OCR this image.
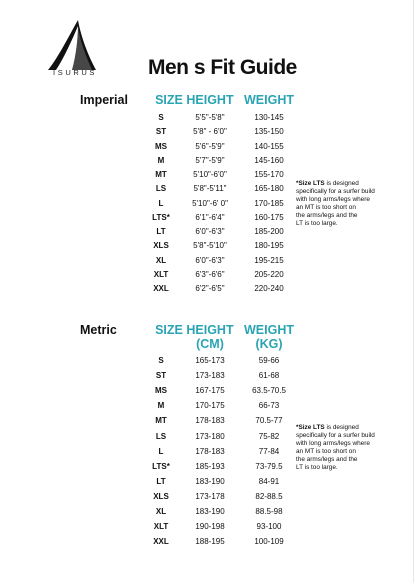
ISURUS	Men s Fit Guide
Imperial	SIZE HEIGHT WEIGHT
S	5'5"-5'8"	130-145
ST	5'8" - 6'0"	135-150
MS	5'6"-5'9"	140-155
M	5'7"-5'9"	145-160
MT	5'10"-6'0"	155-170
LS	5'8"-5'11"	165-180
L	5'10"-6' 0"	170-185
LTS*	6'1"-6'4"	160-175
LT	6'0"-6'3"	185-200
XLS	5'8"-5'10"	180-195
XL	6'0"-6'3"	195-215
XLT	6'3"-6'6"	205-220
XXL	6'2"-6'5"	220-240
*Size LTS is designed
specifically for a surfer build
with long arms/legs where
an MT is too short on
the arms/legs and the
LT is too large.
Metric	SIZE HEIGHT
(CM)
WEIGHT
(KG)
S	165-173	59-66
ST	173-183	61-68
MS	167-175	63.5-70.5
M	170-175	66-73
MT	178-183	70.5-77
LS	173-180	75-82
L	178-183	77-84
LTS*	185-193	73-79.5
LT	183-190	84-91
XLS	173-178	82-88.5
XL	183-190	88.5-98
XLT	190-198	93-100
XXL	188-195	100-109
*Size LTS is designed
specifically for a surfer build
with long arms/legs where
an MT is too short on
the arms/legs and the
LT is too large.
